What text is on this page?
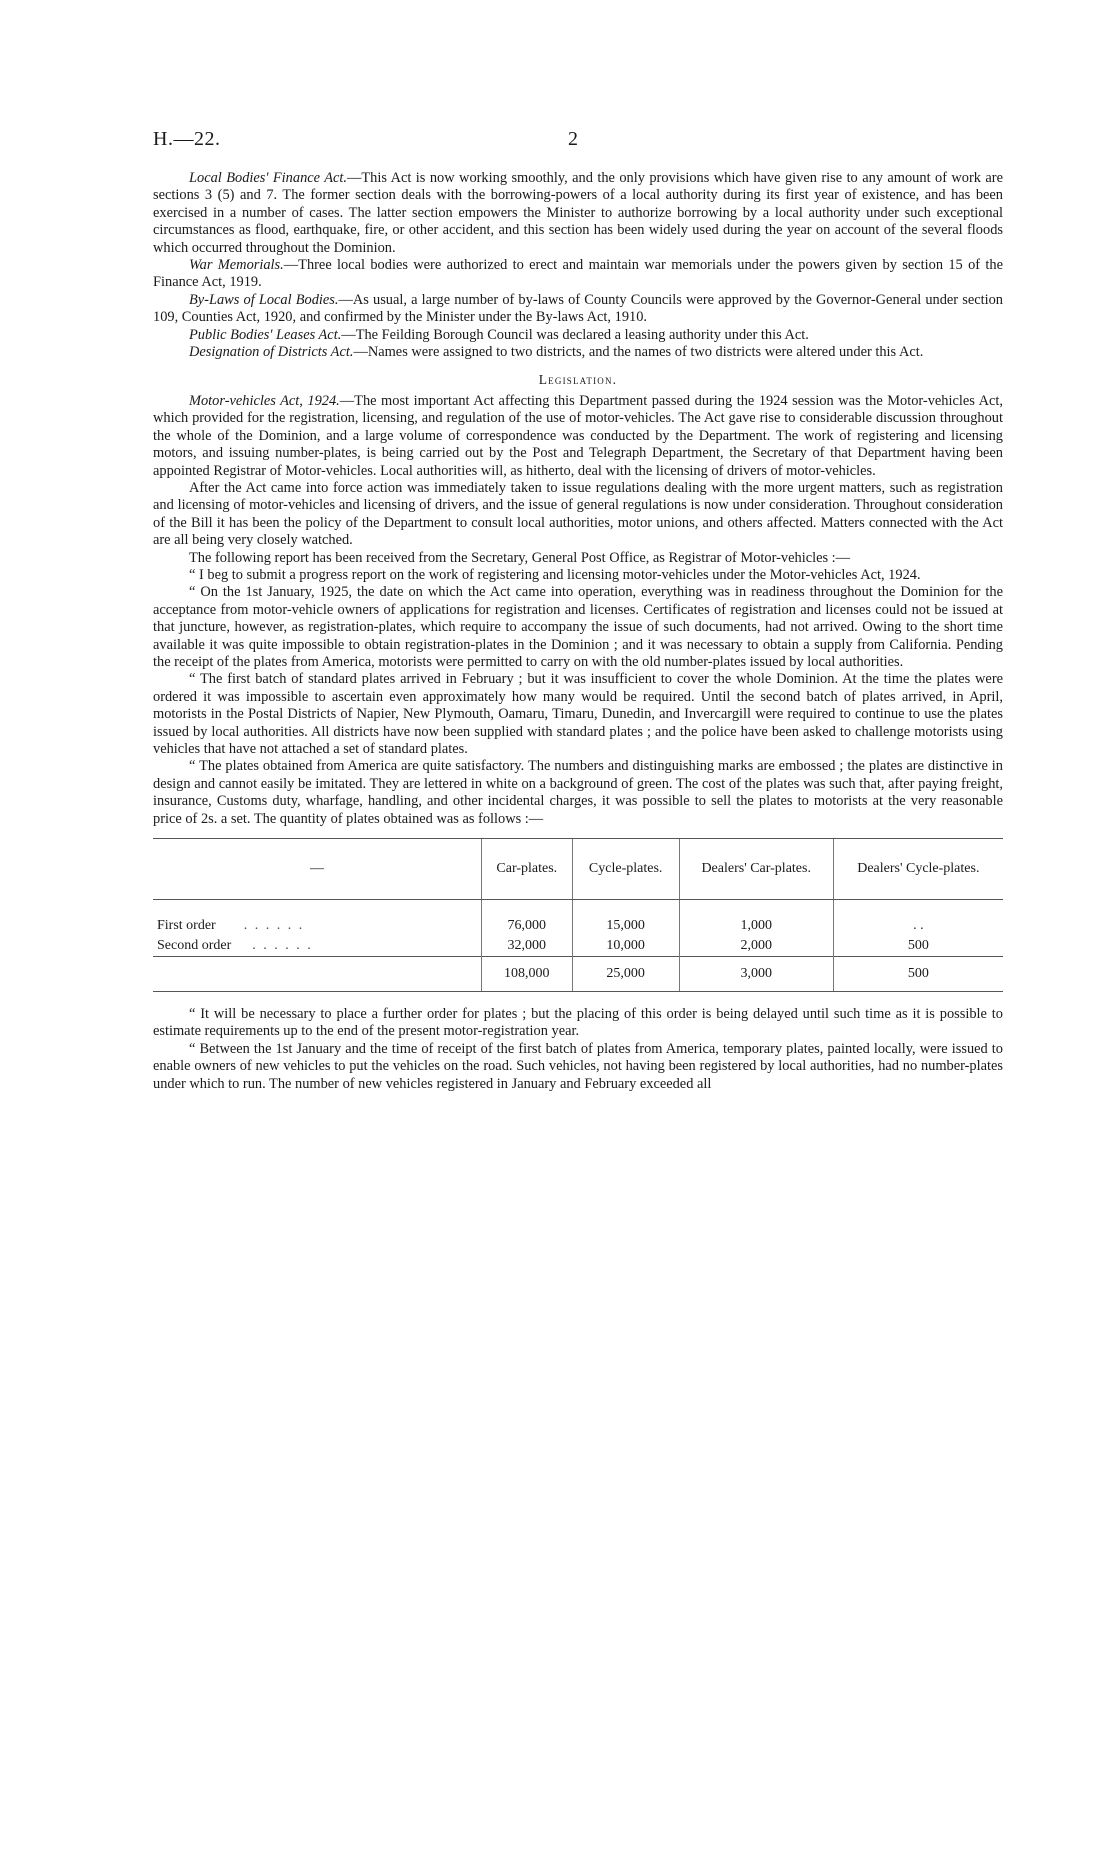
H.—22.	2

Local Bodies' Finance Act.—This Act is now working smoothly, and the only provisions which have given rise to any amount of work are sections 3 (5) and 7. The former section deals with the borrowing-powers of a local authority during its first year of existence, and has been exercised in a number of cases. The latter section empowers the Minister to authorize borrowing by a local authority under such exceptional circumstances as flood, earthquake, fire, or other accident, and this section has been widely used during the year on account of the several floods which occurred throughout the Dominion.

War Memorials.—Three local bodies were authorized to erect and maintain war memorials under the powers given by section 15 of the Finance Act, 1919.

By-Laws of Local Bodies.—As usual, a large number of by-laws of County Councils were approved by the Governor-General under section 109, Counties Act, 1920, and confirmed by the Minister under the By-laws Act, 1910.

Public Bodies' Leases Act.—The Feilding Borough Council was declared a leasing authority under this Act.

Designation of Districts Act.—Names were assigned to two districts, and the names of two districts were altered under this Act.

Legislation.

Motor-vehicles Act, 1924.—The most important Act affecting this Department passed during the 1924 session was the Motor-vehicles Act, which provided for the registration, licensing, and regulation of the use of motor-vehicles. The Act gave rise to considerable discussion throughout the whole of the Dominion, and a large volume of correspondence was conducted by the Department. The work of registering and licensing motors, and issuing number-plates, is being carried out by the Post and Telegraph Department, the Secretary of that Department having been appointed Registrar of Motor-vehicles. Local authorities will, as hitherto, deal with the licensing of drivers of motor-vehicles.

After the Act came into force action was immediately taken to issue regulations dealing with the more urgent matters, such as registration and licensing of motor-vehicles and licensing of drivers, and the issue of general regulations is now under consideration. Throughout consideration of the Bill it has been the policy of the Department to consult local authorities, motor unions, and others affected. Matters connected with the Act are all being very closely watched.

The following report has been received from the Secretary, General Post Office, as Registrar of Motor-vehicles :—

“ I beg to submit a progress report on the work of registering and licensing motor-vehicles under the Motor-vehicles Act, 1924.

“ On the 1st January, 1925, the date on which the Act came into operation, everything was in readiness throughout the Dominion for the acceptance from motor-vehicle owners of applications for registration and licenses. Certificates of registration and licenses could not be issued at that juncture, however, as registration-plates, which require to accompany the issue of such documents, had not arrived. Owing to the short time available it was quite impossible to obtain registration-plates in the Dominion ; and it was necessary to obtain a supply from California. Pending the receipt of the plates from America, motorists were permitted to carry on with the old number-plates issued by local authorities.

“ The first batch of standard plates arrived in February ; but it was insufficient to cover the whole Dominion. At the time the plates were ordered it was impossible to ascertain even approximately how many would be required. Until the second batch of plates arrived, in April, motorists in the Postal Districts of Napier, New Plymouth, Oamaru, Timaru, Dunedin, and Invercargill were required to continue to use the plates issued by local authorities. All districts have now been supplied with standard plates ; and the police have been asked to challenge motorists using vehicles that have not attached a set of standard plates.

“ The plates obtained from America are quite satisfactory. The numbers and distinguishing marks are embossed ; the plates are distinctive in design and cannot easily be imitated. They are lettered in white on a background of green. The cost of the plates was such that, after paying freight, insurance, Customs duty, wharfage, handling, and other incidental charges, it was possible to sell the plates to motorists at the very reasonable price of 2s. a set. The quantity of plates obtained was as follows :—

—	Car-plates.	Cycle-plates.	Dealers' Car-plates.	Dealers' Cycle-plates.
First order . . . . . .	76,000	15,000	1,000	. .
Second order . . . . . .	32,000	10,000	2,000	500
	108,000	25,000	3,000	500

“ It will be necessary to place a further order for plates ; but the placing of this order is being delayed until such time as it is possible to estimate requirements up to the end of the present motor-registration year.

“ Between the 1st January and the time of receipt of the first batch of plates from America, temporary plates, painted locally, were issued to enable owners of new vehicles to put the vehicles on the road. Such vehicles, not having been registered by local authorities, had no number-plates under which to run. The number of new vehicles registered in January and February exceeded all
